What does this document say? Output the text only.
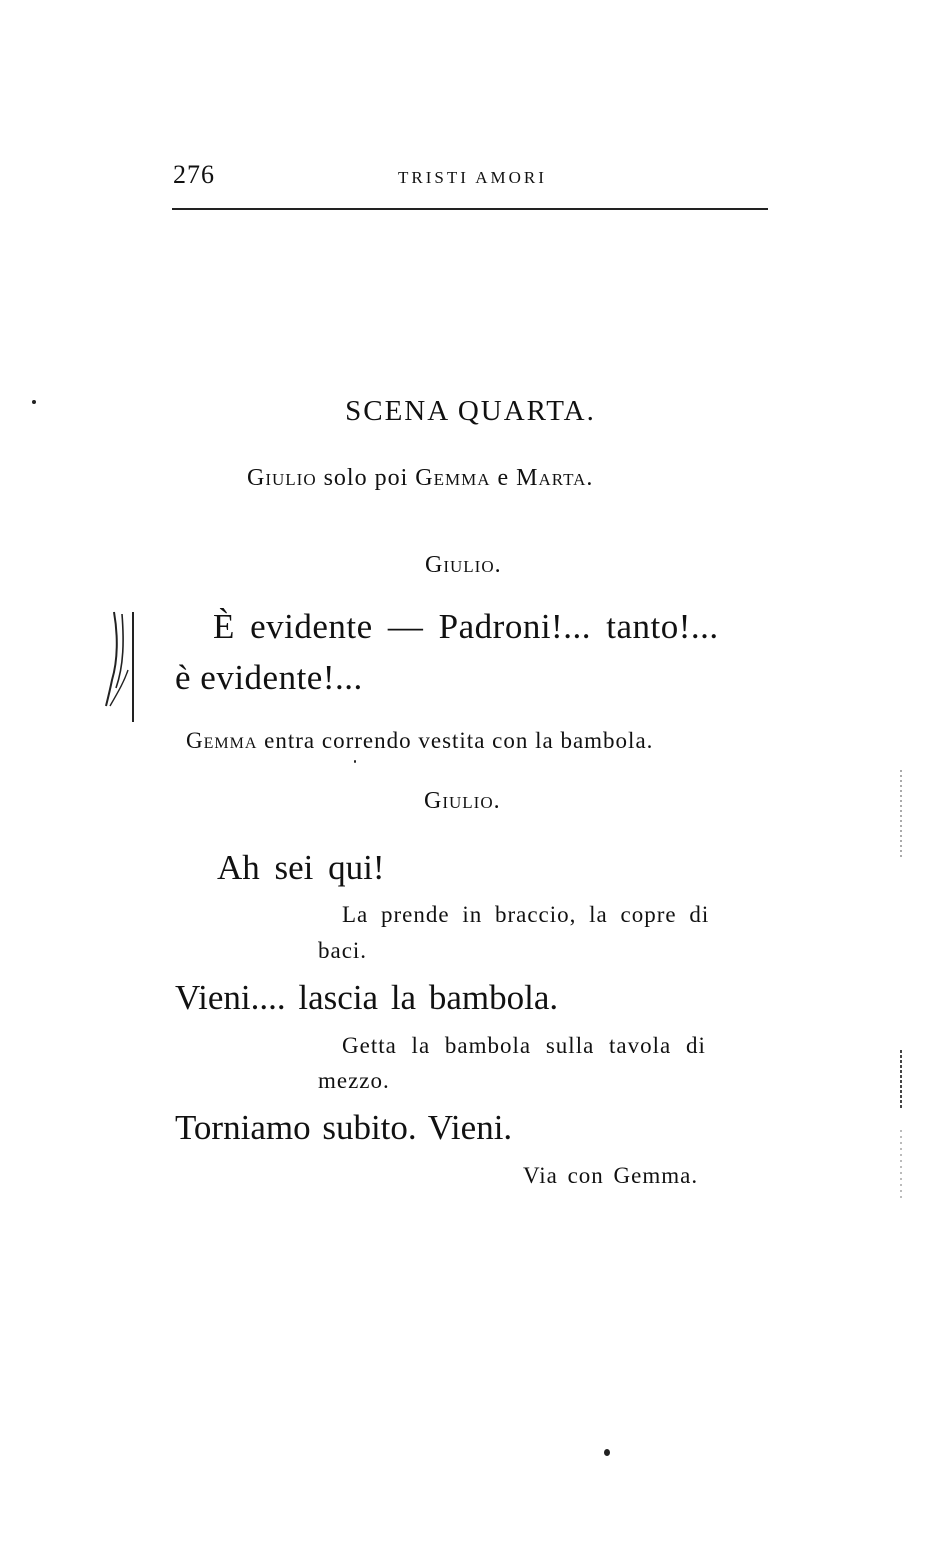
276	TRISTI AMORI
SCENA QUARTA.
Giulio solo poi Gemma e Marta.
Giulio.
È evidente — Padroni!... tanto!...
è evidente!...
Gemma entra correndo vestita con la bambola.
Giulio.
Ah sei qui!
La prende in braccio, la copre di
baci.
Vieni.... lascia la bambola.
Getta la bambola sulla tavola di
mezzo.
Torniamo subito. Vieni.
Via con Gemma.
